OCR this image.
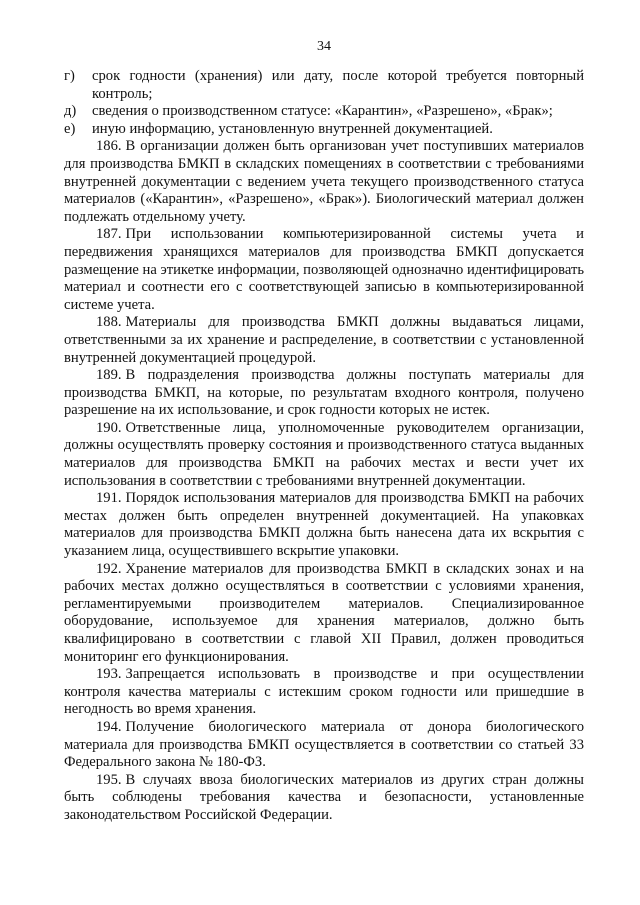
34

г) срок годности (хранения) или дату, после которой требуется повторный контроль;

д) сведения о производственном статусе: «Карантин», «Разрешено», «Брак»;

е) иную информацию, установленную внутренней документацией.

186. В организации должен быть организован учет поступивших материалов для производства БМКП в складских помещениях в соответствии с требованиями внутренней документации с ведением учета текущего производственного статуса материалов («Карантин», «Разрешено», «Брак»). Биологический материал должен подлежать отдельному учету.

187. При использовании компьютеризированной системы учета и передвижения хранящихся материалов для производства БМКП допускается размещение на этикетке информации, позволяющей однозначно идентифицировать материал и соотнести его с соответствующей записью в компьютеризированной системе учета.

188. Материалы для производства БМКП должны выдаваться лицами, ответственными за их хранение и распределение, в соответствии с установленной внутренней документацией процедурой.

189. В подразделения производства должны поступать материалы для производства БМКП, на которые, по результатам входного контроля, получено разрешение на их использование, и срок годности которых не истек.

190. Ответственные лица, уполномоченные руководителем организации, должны осуществлять проверку состояния и производственного статуса выданных материалов для производства БМКП на рабочих местах и вести учет их использования в соответствии с требованиями внутренней документации.

191. Порядок использования материалов для производства БМКП на рабочих местах должен быть определен внутренней документацией. На упаковках материалов для производства БМКП должна быть нанесена дата их вскрытия с указанием лица, осуществившего вскрытие упаковки.

192. Хранение материалов для производства БМКП в складских зонах и на рабочих местах должно осуществляться в соответствии с условиями хранения, регламентируемыми производителем материалов. Специализированное оборудование, используемое для хранения материалов, должно быть квалифицировано в соответствии с главой XII Правил, должен проводиться мониторинг его функционирования.

193. Запрещается использовать в производстве и при осуществлении контроля качества материалы с истекшим сроком годности или пришедшие в негодность во время хранения.

194. Получение биологического материала от донора биологического материала для производства БМКП осуществляется в соответствии со статьей 33 Федерального закона № 180-ФЗ.

195. В случаях ввоза биологических материалов из других стран должны быть соблюдены требования качества и безопасности, установленные законодательством Российской Федерации.
